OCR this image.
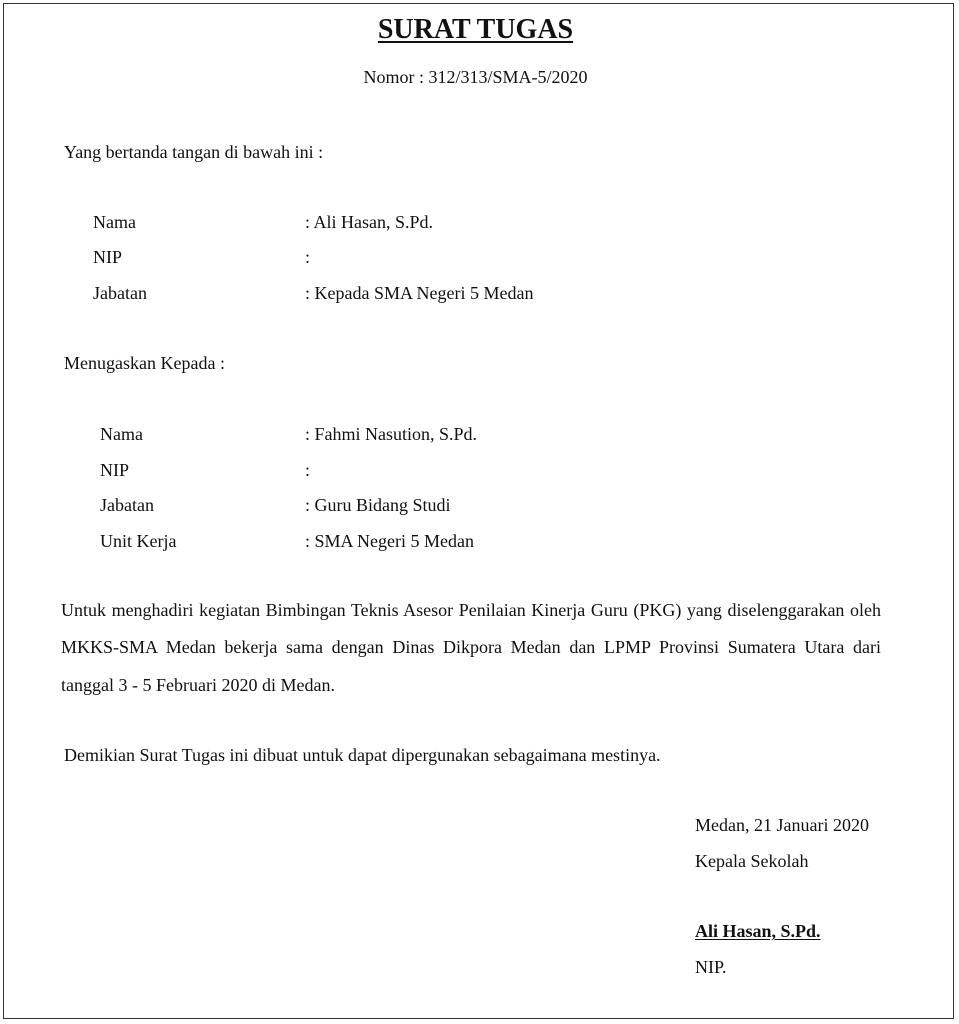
SURAT TUGAS
Nomor : 312/313/SMA-5/2020
Yang bertanda tangan di bawah ini :
Nama	: Ali Hasan, S.Pd.
NIP	:
Jabatan	: Kepada SMA Negeri 5 Medan
Menugaskan Kepada :
Nama	: Fahmi Nasution, S.Pd.
NIP	:
Jabatan	: Guru Bidang Studi
Unit Kerja	: SMA Negeri 5 Medan

Untuk menghadiri kegiatan Bimbingan Teknis Asesor Penilaian Kinerja Guru (PKG) yang diselenggarakan oleh MKKS-SMA Medan bekerja sama dengan Dinas Dikpora Medan dan LPMP Provinsi Sumatera Utara dari tanggal 3 - 5 Februari 2020 di Medan.

Demikian Surat Tugas ini dibuat untuk dapat dipergunakan sebagaimana mestinya.
Medan, 21 Januari 2020
Kepala Sekolah
Ali Hasan, S.Pd.
NIP.
